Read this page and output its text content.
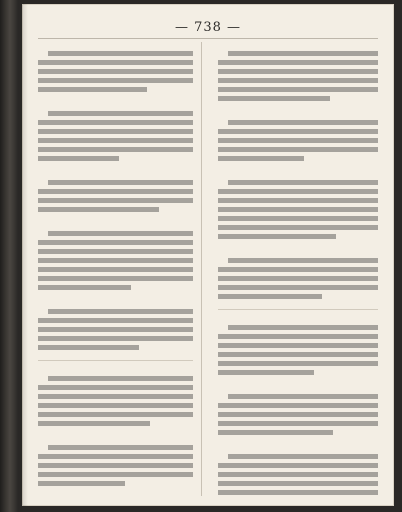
— 738 —
